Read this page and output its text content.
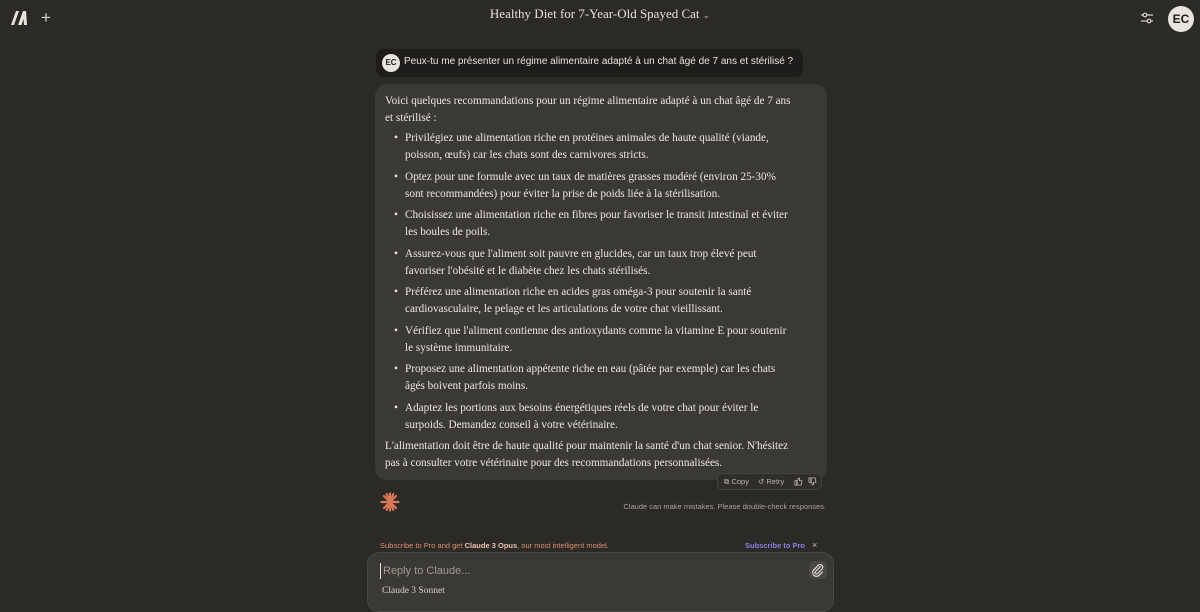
+	Healthy Diet for 7-Year-Old Spayed Cat ⌄	EC
EC Peux-tu me présenter un régime alimentaire adapté à un chat âgé de 7 ans et stérilisé ?

Voici quelques recommandations pour un régime alimentaire adapté à un chat âgé de 7 ans et stérilisé :

• Privilégiez une alimentation riche en protéines animales de haute qualité (viande, poisson, œufs) car les chats sont des carnivores stricts.
• Optez pour une formule avec un taux de matières grasses modéré (environ 25-30% sont recommandées) pour éviter la prise de poids liée à la stérilisation.
• Choisissez une alimentation riche en fibres pour favoriser le transit intestinal et éviter les boules de poils.
• Assurez-vous que l'aliment soit pauvre en glucides, car un taux trop élevé peut favoriser l'obésité et le diabète chez les chats stérilisés.
• Préférez une alimentation riche en acides gras oméga-3 pour soutenir la santé cardiovasculaire, le pelage et les articulations de votre chat vieillissant.
• Vérifiez que l'aliment contienne des antioxydants comme la vitamine E pour soutenir le système immunitaire.
• Proposez une alimentation appétente riche en eau (pâtée par exemple) car les chats âgés boivent parfois moins.
• Adaptez les portions aux besoins énergétiques réels de votre chat pour éviter le surpoids. Demandez conseil à votre vétérinaire.

L'alimentation doit être de haute qualité pour maintenir la santé d'un chat senior. N'hésitez pas à consulter votre vétérinaire pour des recommandations personnalisées.

⧉ Copy ↺ Retry
Claude can make mistakes. Please double-check responses.
Subscribe to Pro and get Claude 3 Opus, our most intelligent model.	Subscribe to Pro ×
Reply to Claude...
Claude 3 Sonnet
